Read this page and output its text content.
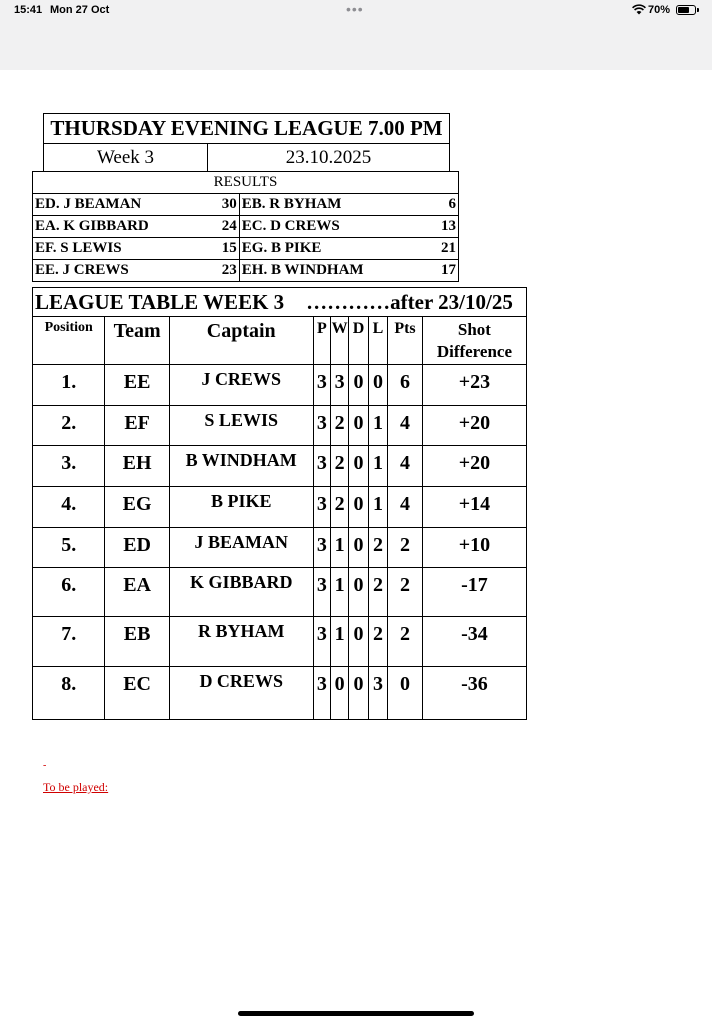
15:41 Mon 27 Oct	•••	70%
THURSDAY EVENING LEAGUE 7.00 PM
Week 3	23.10.2025
RESULTS	

ED. J BEAMAN 30	EB. R BYHAM 6

EA. K GIBBARD 24	EC. D CREWS 13

EF. S LEWIS 15	EG. B PIKE 21

EE. J CREWS 23	EH. B WINDHAM 17
LEAGUE TABLE WEEK 3 …………after 23/10/25								
Position	Team	Captain	P	W	D	L	Pts	Shot Difference
1.	EE	J CREWS	3	3	0	0	6	+23
2.	EF	S LEWIS	3	2	0	1	4	+20
3.	EH	B WINDHAM	3	2	0	1	4	+20
4.	EG	B PIKE	3	2	0	1	4	+14
5.	ED	J BEAMAN	3	1	0	2	2	+10
6.	EA	K GIBBARD	3	1	0	2	2	-17
7.	EB	R BYHAM	3	1	0	2	2	-34
8.	EC	D CREWS	3	0	0	3	0	-36
-
To be played:
